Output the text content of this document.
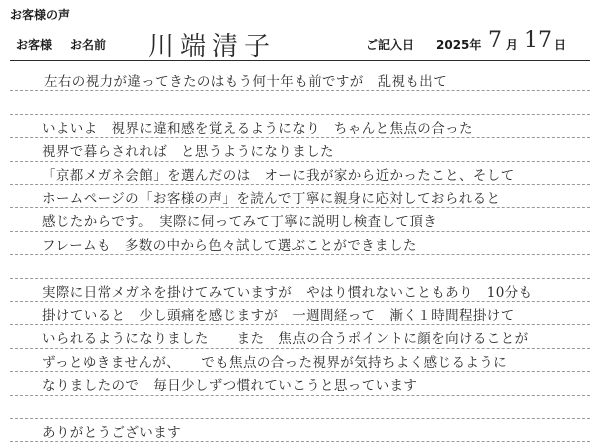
お客様の声
お客様 お名前 川端清子	ご記入日 2025年 7 月 17 日
左右の視力が違ってきたのはもう何十年も前ですが　乱視も出て
いよいよ　視界に違和感を覚えるようになり　ちゃんと焦点の合った
視界で暮らされれば　と思うようになりました
「京都メガネ会館」を選んだのは　オーに我が家から近かったこと、そして
ホームページの「お客様の声」を読んで丁寧に親身に応対しておられると
感じたからです。　実際に伺ってみて丁寧に説明し検査して頂き
フレームも　多数の中から色々試して選ぶことができました
実際に日常メガネを掛けてみていますが　やはり慣れないこともあり　10分も
掛けていると　少し頭痛を感じますが　一週間経って　漸く１時間程掛けて
いられるようになりました　　また　焦点の合うポイントに顔を向けることが
ずっとゆきませんが、　　でも焦点の合った視界が気持ちよく感じるように
なりましたので　毎日少しずつ慣れていこうと思っています
ありがとうございます
